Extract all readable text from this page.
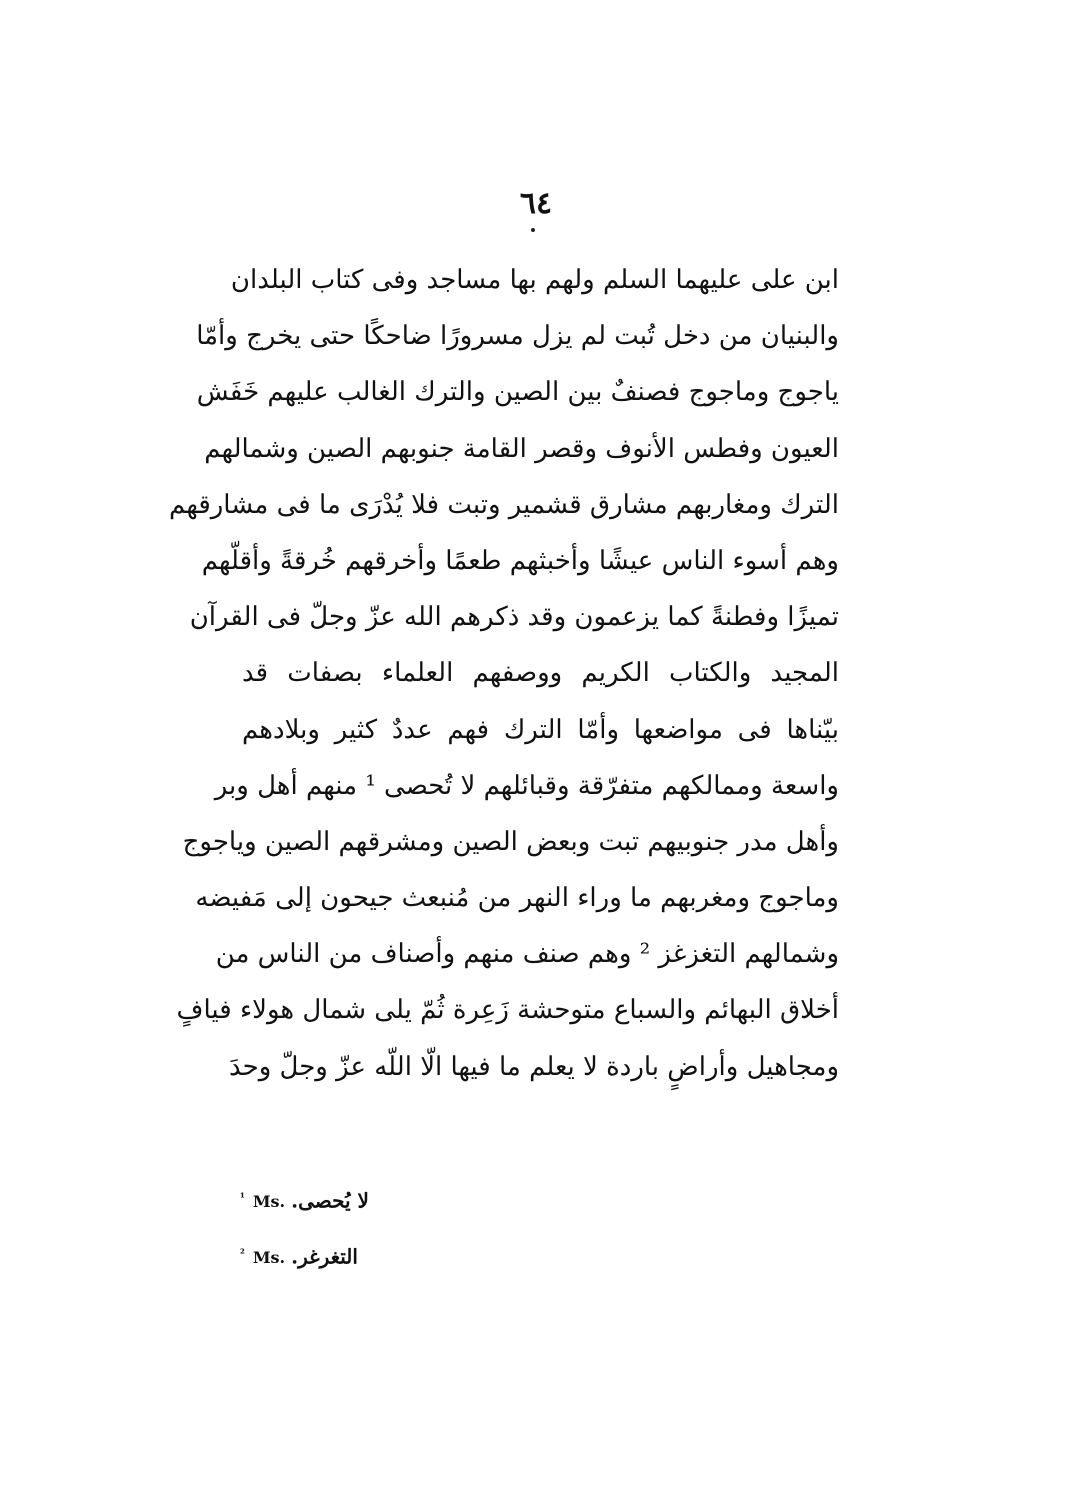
٦٤
ابن على عليهما السلم ولهم بها مساجد وفى كتاب البلدان
والبنيان من دخل تُبت لم يزل مسرورًا ضاحكًا حتى يخرج وأمّا
ياجوج وماجوج فصنفٌ بين الصين والترك الغالب عليهم خَفَش
العيون وفطس الأنوف وقصر القامة جنوبهم الصين وشمالهم
الترك ومغاربهم مشارق قشمير وتبت فلا يُدْرَى ما فى مشارقهم
وهم أسوء الناس عيشًا وأخبثهم طعمًا وأخرقهم خُرقةً وأقلّهم
تميزًا وفطنةً كما يزعمون وقد ذكرهم الله عزّ وجلّ فى القرآن
المجيد والكتاب الكريم ووصفهم العلماء بصفات قد
بيّناها فى مواضعها وأمّا الترك فهم عددٌ كثير وبلادهم
واسعة وممالكهم متفرّقة وقبائلهم لا تُحصى ¹ منهم أهل وبر
وأهل مدر جنوبيهم تبت وبعض الصين ومشرقهم الصين وياجوج
وماجوج ومغربهم ما وراء النهر من مُنبعث جيحون إلى مَفيضه
وشمالهم التغزغز ² وهم صنف منهم وأصناف من الناس من
أخلاق البهائم والسباع متوحشة زَعِرة ثُمّ يلى شمال هولاء فيافٍ
ومجاهيل وأراضٍ باردة لا يعلم ما فيها الّا اللّه عزّ وجلّ وحدَ
$^{^1}$ Ms. لا يُحصى.
$^{^2}$ Ms. التغرغر.
